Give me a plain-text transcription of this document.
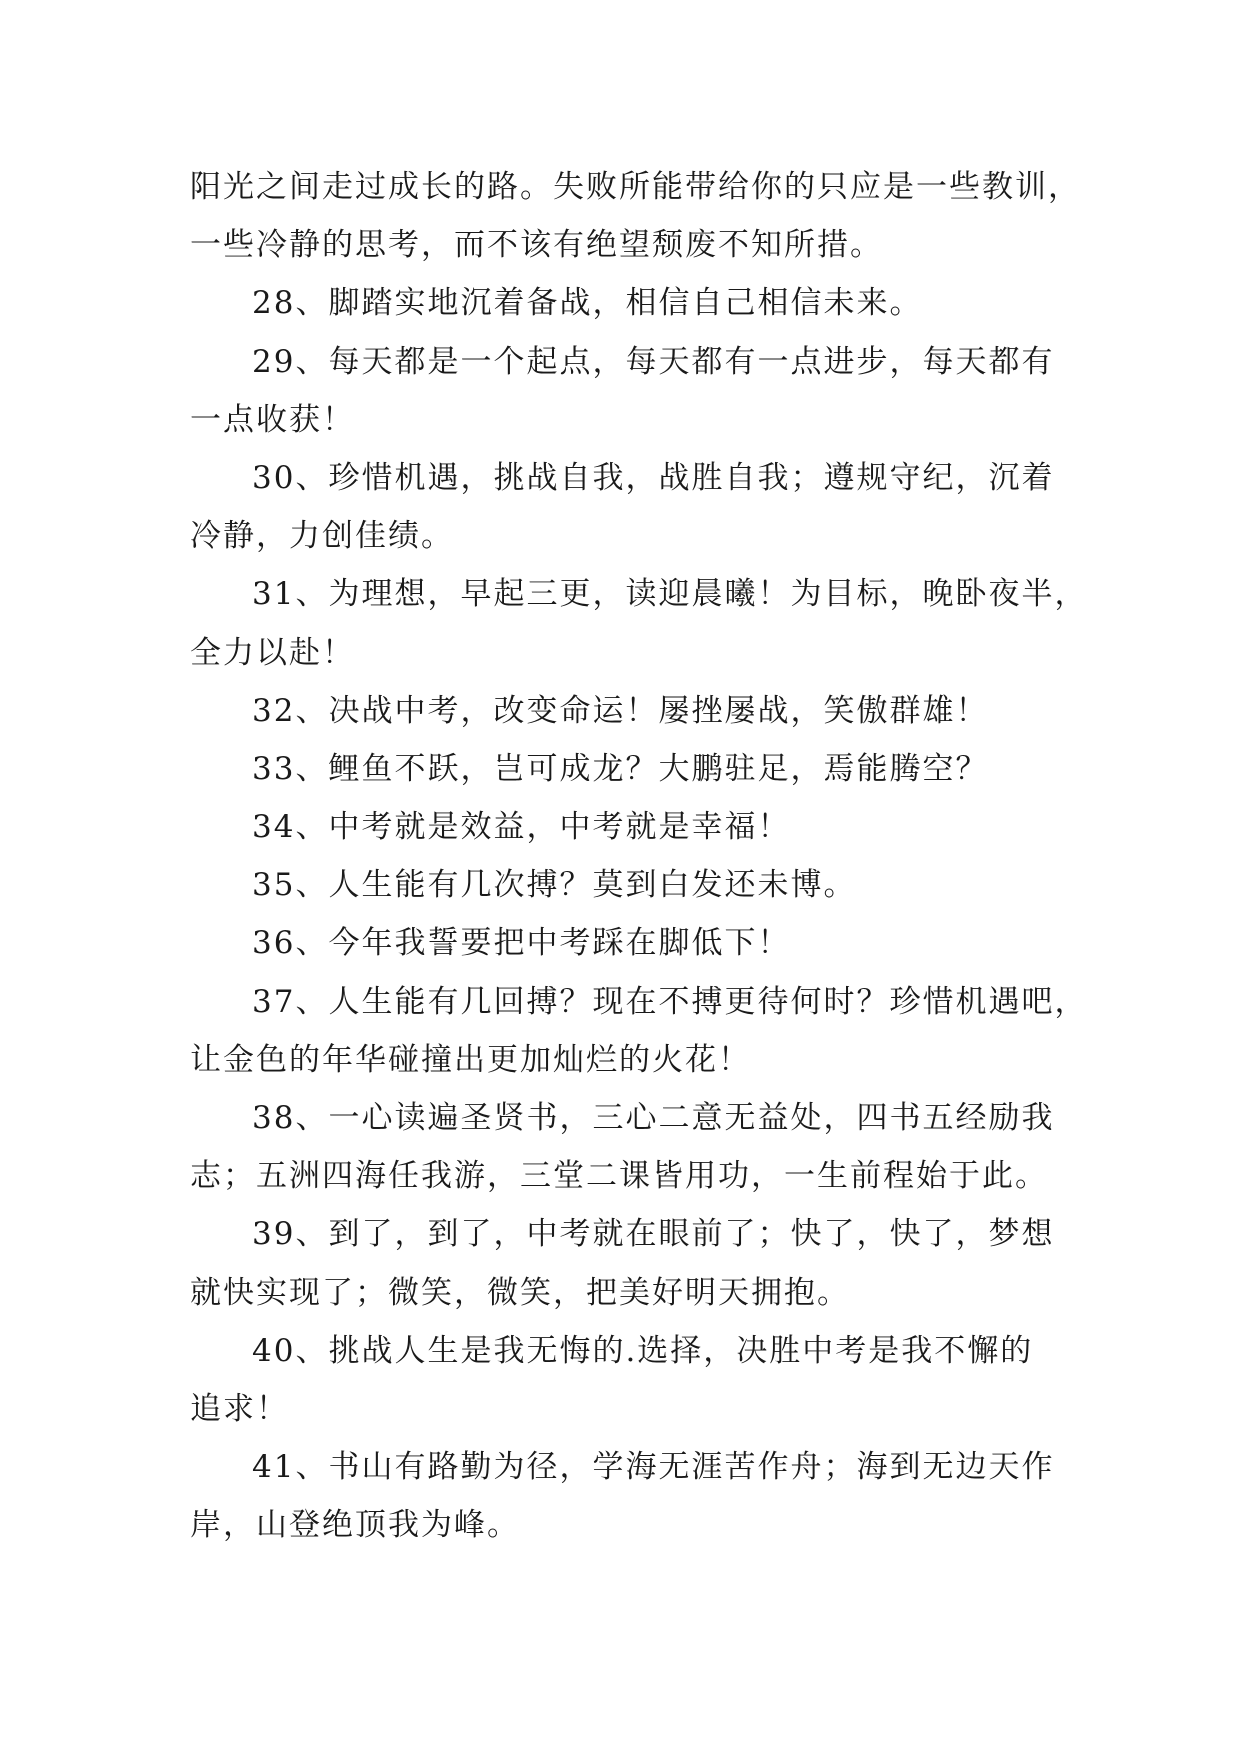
阳光之间走过成长的路。失败所能带给你的只应是一些教训，
一些冷静的思考，而不该有绝望颓废不知所措。
28、脚踏实地沉着备战，相信自己相信未来。
29、每天都是一个起点，每天都有一点进步，每天都有
一点收获！
30、珍惜机遇，挑战自我，战胜自我；遵规守纪，沉着
冷静，力创佳绩。
31、为理想，早起三更，读迎晨曦！为目标，晚卧夜半，
全力以赴！
32、决战中考，改变命运！屡挫屡战，笑傲群雄！
33、鲤鱼不跃，岂可成龙？大鹏驻足，焉能腾空？
34、中考就是效益，中考就是幸福！
35、人生能有几次搏？莫到白发还未博。
36、今年我誓要把中考踩在脚低下！
37、人生能有几回搏？现在不搏更待何时？珍惜机遇吧，
让金色的年华碰撞出更加灿烂的火花！
38、一心读遍圣贤书，三心二意无益处，四书五经励我
志；五洲四海任我游，三堂二课皆用功，一生前程始于此。
39、到了，到了，中考就在眼前了；快了，快了，梦想
就快实现了；微笑，微笑，把美好明天拥抱。
40、挑战人生是我无悔的.选择，决胜中考是我不懈的
追求！
41、书山有路勤为径，学海无涯苦作舟；海到无边天作
岸，山登绝顶我为峰。
